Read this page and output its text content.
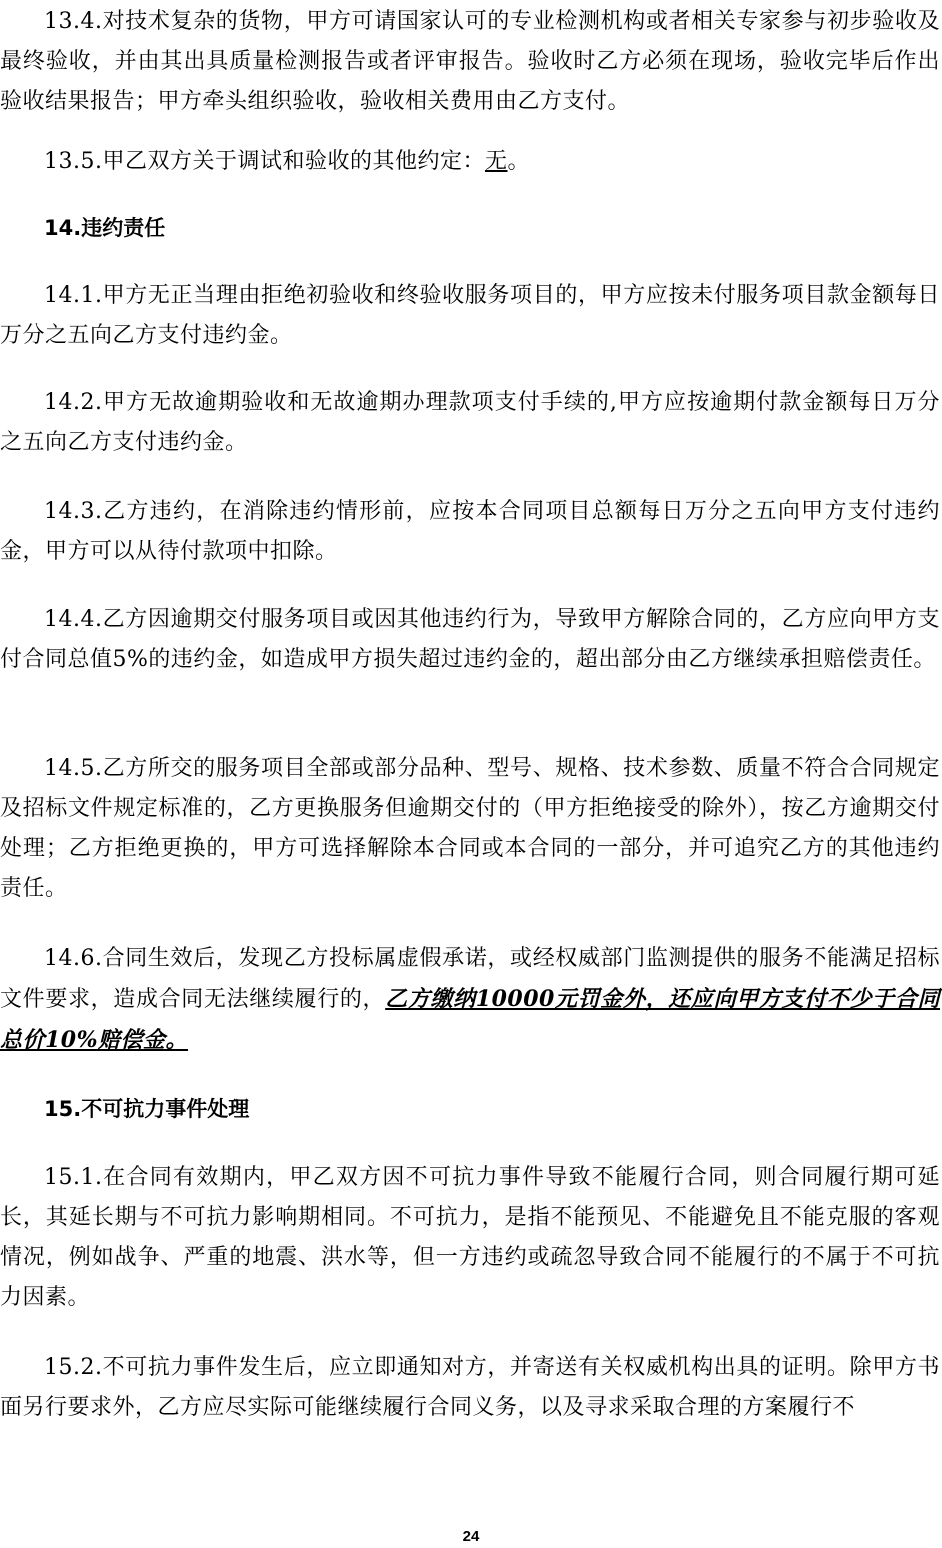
13.4.对技术复杂的货物，甲方可请国家认可的专业检测机构或者相关专家参与初步验收及最终验收，并由其出具质量检测报告或者评审报告。验收时乙方必须在现场，验收完毕后作出验收结果报告；甲方牵头组织验收，验收相关费用由乙方支付。

13.5.甲乙双方关于调试和验收的其他约定：无。

14.违约责任

14.1.甲方无正当理由拒绝初验收和终验收服务项目的，甲方应按未付服务项目款金额每日万分之五向乙方支付违约金。

14.2.甲方无故逾期验收和无故逾期办理款项支付手续的,甲方应按逾期付款金额每日万分之五向乙方支付违约金。

14.3.乙方违约，在消除违约情形前，应按本合同项目总额每日万分之五向甲方支付违约金，甲方可以从待付款项中扣除。

14.4.乙方因逾期交付服务项目或因其他违约行为，导致甲方解除合同的，乙方应向甲方支付合同总值5%的违约金，如造成甲方损失超过违约金的，超出部分由乙方继续承担赔偿责任。

14.5.乙方所交的服务项目全部或部分品种、型号、规格、技术参数、质量不符合合同规定及招标文件规定标准的，乙方更换服务但逾期交付的（甲方拒绝接受的除外），按乙方逾期交付处理；乙方拒绝更换的，甲方可选择解除本合同或本合同的一部分，并可追究乙方的其他违约责任。

14.6.合同生效后，发现乙方投标属虚假承诺，或经权威部门监测提供的服务不能满足招标文件要求，造成合同无法继续履行的，乙方缴纳10000元罚金外，还应向甲方支付不少于合同总价10%赔偿金。

15.不可抗力事件处理

15.1.在合同有效期内，甲乙双方因不可抗力事件导致不能履行合同，则合同履行期可延长，其延长期与不可抗力影响期相同。不可抗力，是指不能预见、不能避免且不能克服的客观情况，例如战争、严重的地震、洪水等，但一方违约或疏忽导致合同不能履行的不属于不可抗力因素。

15.2.不可抗力事件发生后，应立即通知对方，并寄送有关权威机构出具的证明。除甲方书面另行要求外，乙方应尽实际可能继续履行合同义务，以及寻求采取合理的方案履行不

24
